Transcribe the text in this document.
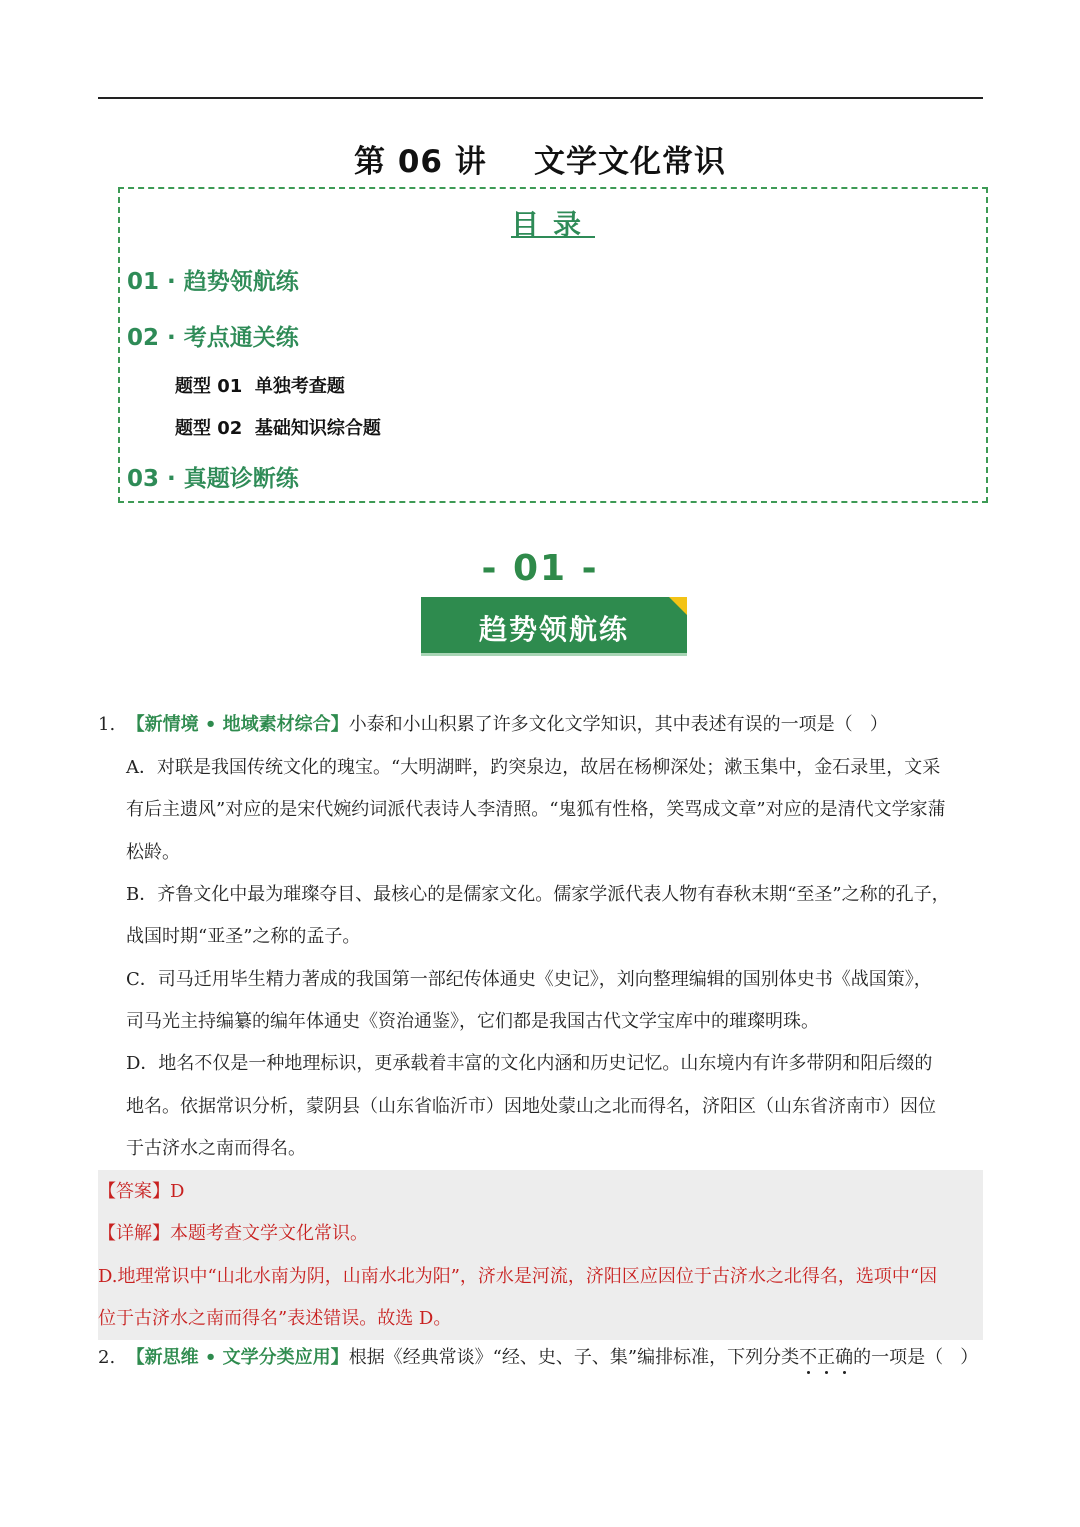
第 06 讲    文学文化常识
目录
01 · 趋势领航练
02 · 考点通关练
题型 01  单独考查题
题型 02  基础知识综合题
03 · 真题诊断练
- 01 -
趋势领航练
1. 【新情境 • 地域素材综合】小泰和小山积累了许多文化文学知识，其中表述有误的一项是（   ）
A．对联是我国传统文化的瑰宝。“大明湖畔，趵突泉边，故居在杨柳深处；漱玉集中，金石录里，文采
有后主遗风”对应的是宋代婉约词派代表诗人李清照。“鬼狐有性格，笑骂成文章”对应的是清代文学家蒲
松龄。
B．齐鲁文化中最为璀璨夺目、最核心的是儒家文化。儒家学派代表人物有春秋末期“至圣”之称的孔子，
战国时期“亚圣”之称的孟子。
C．司马迁用毕生精力著成的我国第一部纪传体通史《史记》，刘向整理编辑的国别体史书《战国策》，
司马光主持编纂的编年体通史《资治通鉴》，它们都是我国古代文学宝库中的璀璨明珠。
D．地名不仅是一种地理标识，更承载着丰富的文化内涵和历史记忆。山东境内有许多带阴和阳后缀的
地名。依据常识分析，蒙阴县（山东省临沂市）因地处蒙山之北而得名，济阳区（山东省济南市）因位
于古济水之南而得名。
【答案】D
【详解】本题考查文学文化常识。
D.地理常识中“山北水南为阴，山南水北为阳”，济水是河流，济阳区应因位于古济水之北得名，选项中“因
位于古济水之南而得名”表述错误。故选 D。
2. 【新思维 • 文学分类应用】根据《经典常谈》“经、史、子、集”编排标准，下列分类不正确的一项是（   ）
